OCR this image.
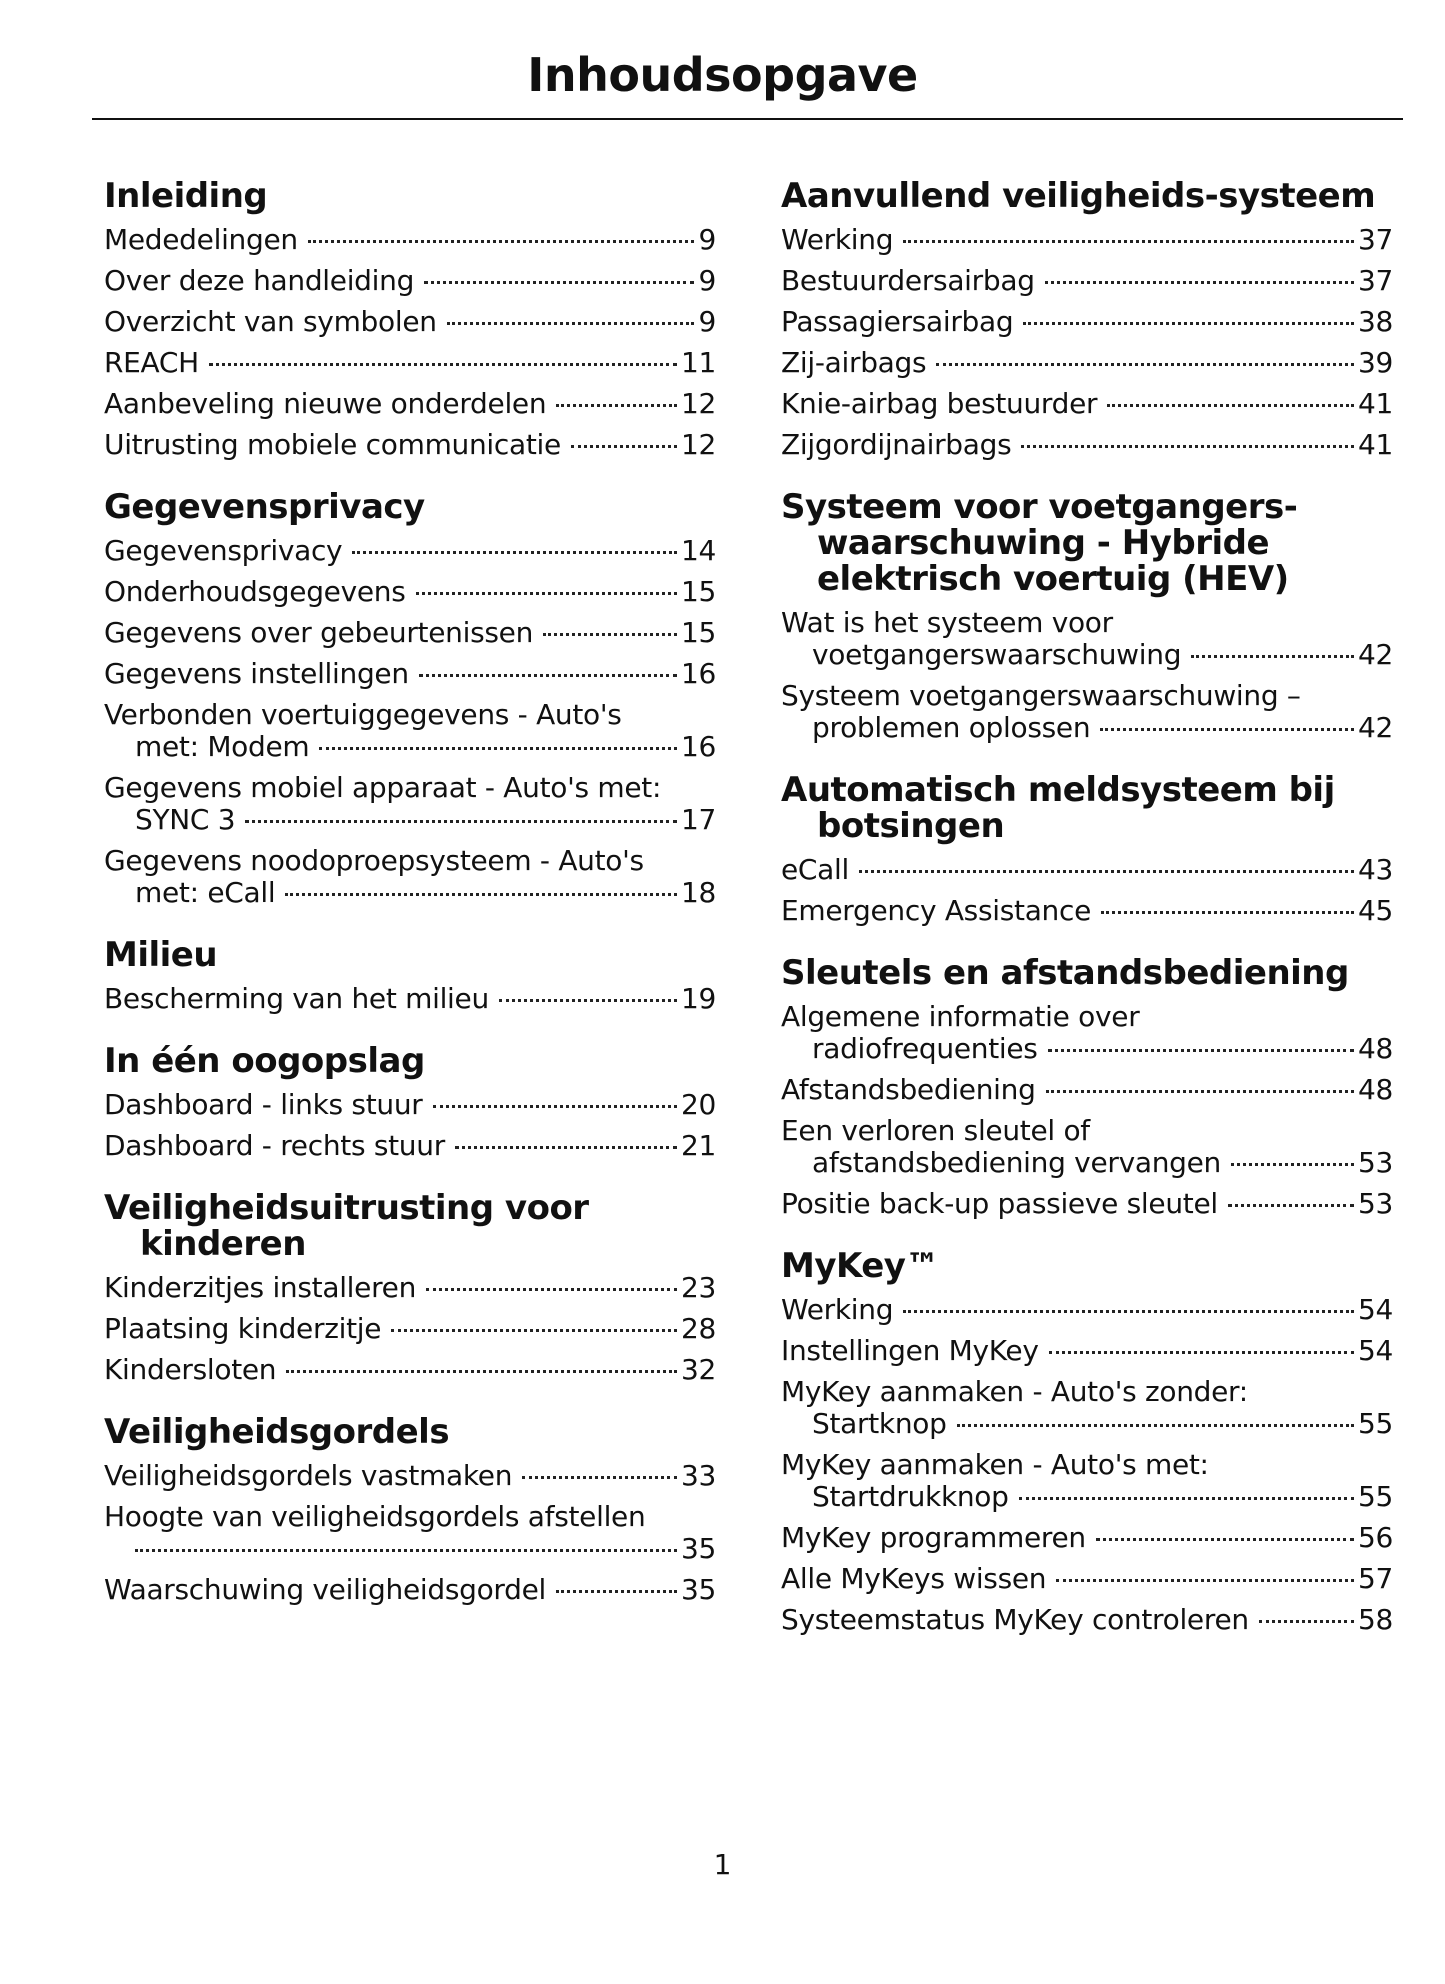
Inhoudsopgave
Inleiding
Mededelingen	9
Over deze handleiding	9
Overzicht van symbolen	9
REACH	11
Aanbeveling nieuwe onderdelen	12
Uitrusting mobiele communicatie	12
Gegevensprivacy
Gegevensprivacy	14
Onderhoudsgegevens	15
Gegevens over gebeurtenissen	15
Gegevens instellingen	16
Verbonden voertuiggegevens - Auto's
met: Modem	16
Gegevens mobiel apparaat - Auto's met:
SYNC 3	17
Gegevens noodoproepsysteem - Auto's
met: eCall	18
Milieu
Bescherming van het milieu	19
In één oogopslag
Dashboard - links stuur	20
Dashboard - rechts stuur	21
Veiligheidsuitrusting voor kinderen
Kinderzitjes installeren	23
Plaatsing kinderzitje	28
Kindersloten	32
Veiligheidsgordels
Veiligheidsgordels vastmaken	33
Hoogte van veiligheidsgordels afstellen
35
Waarschuwing veiligheidsgordel	35
Aanvullend veiligheids-systeem
Werking	37
Bestuurdersairbag	37
Passagiersairbag	38
Zij-airbags	39
Knie-airbag bestuurder	41
Zijgordijnairbags	41
Systeem voor voetgangers-waarschuwing - Hybride elektrisch voertuig (HEV)
Wat is het systeem voor
voetgangerswaarschuwing	42
Systeem voetgangerswaarschuwing –
problemen oplossen	42
Automatisch meldsysteem bij botsingen
eCall	43
Emergency Assistance	45
Sleutels en afstandsbediening
Algemene informatie over
radiofrequenties	48
Afstandsbediening	48
Een verloren sleutel of
afstandsbediening vervangen	53
Positie back-up passieve sleutel	53
MyKey™
Werking	54
Instellingen MyKey	54
MyKey aanmaken - Auto's zonder:
Startknop	55
MyKey aanmaken - Auto's met:
Startdrukknop	55
MyKey programmeren	56
Alle MyKeys wissen	57
Systeemstatus MyKey controleren	58

1
